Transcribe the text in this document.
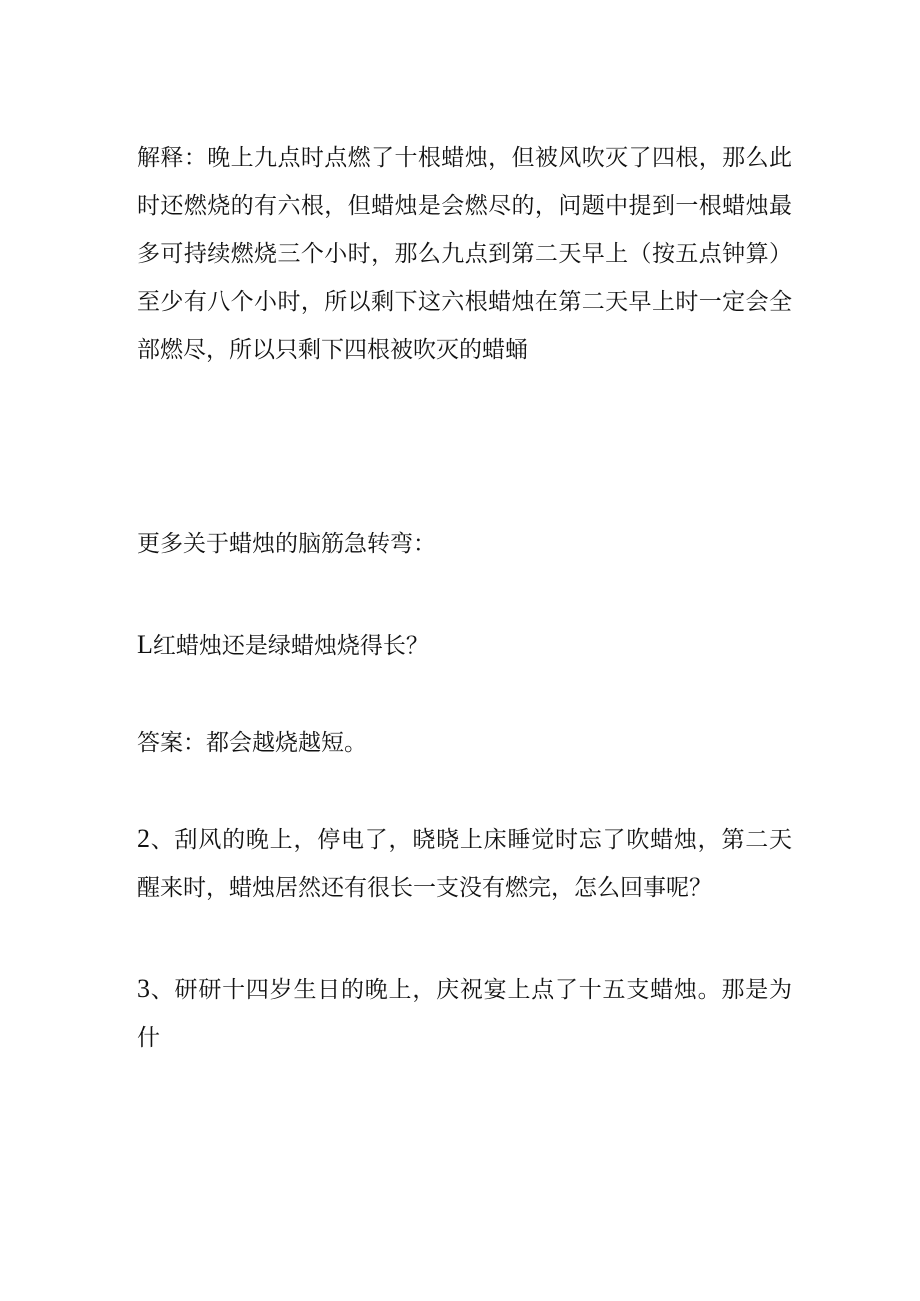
解释：晚上九点时点燃了十根蜡烛，但被风吹灭了四根，那么此时还燃烧的有六根，但蜡烛是会燃尽的，问题中提到一根蜡烛最多可持续燃烧三个小时，那么九点到第二天早上（按五点钟算）至少有八个小时，所以剩下这六根蜡烛在第二天早上时一定会全部燃尽，所以只剩下四根被吹灭的蜡蛹

更多关于蜡烛的脑筋急转弯：

L红蜡烛还是绿蜡烛烧得长？

答案：都会越烧越短。

2、刮风的晚上，停电了，晓晓上床睡觉时忘了吹蜡烛，第二天醒来时，蜡烛居然还有很长一支没有燃完，怎么回事呢？

3、研研十四岁生日的晚上，庆祝宴上点了十五支蜡烛。那是为什
